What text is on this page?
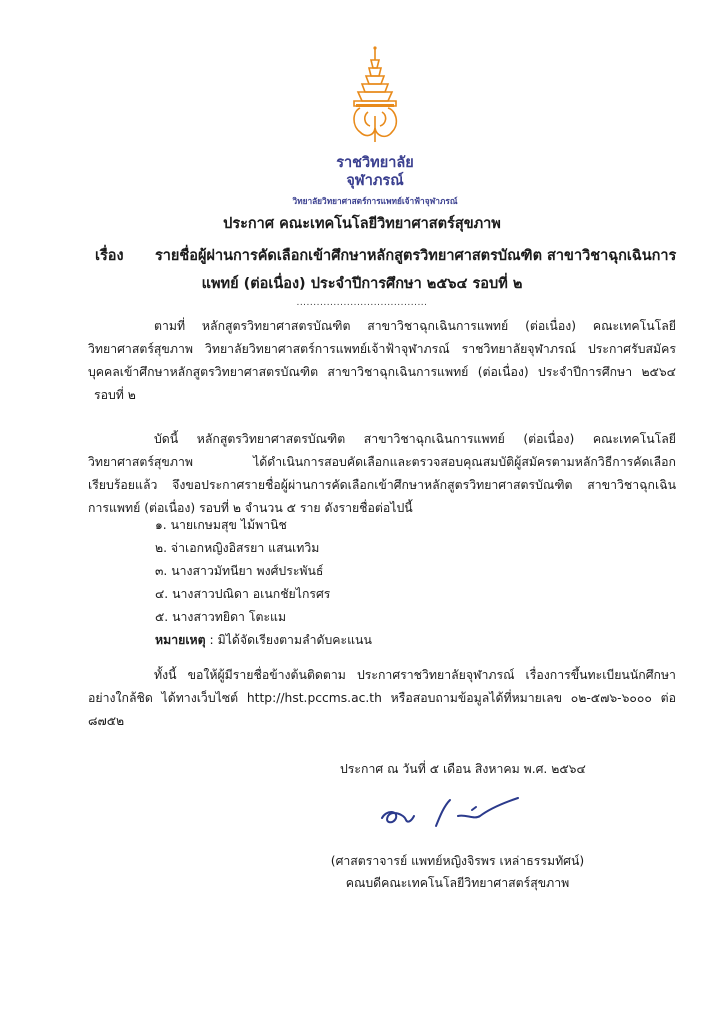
ราชวิทยาลัย
จุฬาภรณ์
วิทยาลัยวิทยาศาสตร์การแพทย์เจ้าฟ้าจุฬาภรณ์
ประกาศ คณะเทคโนโลยีวิทยาศาสตร์สุขภาพ
เรื่อง รายชื่อผู้ผ่านการคัดเลือกเข้าศึกษาหลักสูตรวิทยาศาสตรบัณฑิต สาขาวิชาฉุกเฉินการ
แพทย์ (ต่อเนื่อง) ประจำปีการศึกษา ๒๕๖๔ รอบที่ ๒
.......................................
ตามที่ หลักสูตรวิทยาศาสตรบัณฑิต สาขาวิชาฉุกเฉินการแพทย์ (ต่อเนื่อง) คณะเทคโนโลยี
วิทยาศาสตร์สุขภาพ วิทยาลัยวิทยาศาสตร์การแพทย์เจ้าฟ้าจุฬาภรณ์ ราชวิทยาลัยจุฬาภรณ์ ประกาศรับสมัคร
บุคคลเข้าศึกษาหลักสูตรวิทยาศาสตรบัณฑิต สาขาวิชาฉุกเฉินการแพทย์ (ต่อเนื่อง) ประจำปีการศึกษา ๒๕๖๔
รอบที่ ๒
บัดนี้ หลักสูตรวิทยาศาสตรบัณฑิต สาขาวิชาฉุกเฉินการแพทย์ (ต่อเนื่อง) คณะเทคโนโลยี
วิทยาศาสตร์สุขภาพ	ได้ดำเนินการสอบคัดเลือกและตรวจสอบคุณสมบัติผู้สมัครตามหลักวิธีการคัดเลือก
เรียบร้อยแล้ว จึงขอประกาศรายชื่อผู้ผ่านการคัดเลือกเข้าศึกษาหลักสูตรวิทยาศาสตรบัณฑิต สาขาวิชาฉุกเฉิน
การแพทย์ (ต่อเนื่อง) รอบที่ ๒ จำนวน ๕ ราย ดังรายชื่อต่อไปนี้
๑. นายเกษมสุข ไม้พานิช
๒. จ่าเอกหญิงอิสรยา แสนเทวิม
๓. นางสาวมัทนียา พงศ์ประพันธ์
๔. นางสาวปณิดา อเนกชัยไกรศร
๕. นางสาวทยิดา โตะแม
หมายเหตุ : มิได้จัดเรียงตามลำดับคะแนน
ทั้งนี้ ขอให้ผู้มีรายชื่อข้างต้นติดตาม ประกาศราชวิทยาลัยจุฬาภรณ์ เรื่องการขึ้นทะเบียนนักศึกษา
อย่างใกล้ชิด ได้ทางเว็บไซต์ http://hst.pccms.ac.th หรือสอบถามข้อมูลได้ที่หมายเลข ๐๒-๕๗๖-๖๐๐๐ ต่อ
๘๗๕๒
ประกาศ ณ วันที่ ๕ เดือน สิงหาคม พ.ศ. ๒๕๖๔
(ศาสตราจารย์ แพทย์หญิงจิรพร เหล่าธรรมทัศน์)
คณบดีคณะเทคโนโลยีวิทยาศาสตร์สุขภาพ
